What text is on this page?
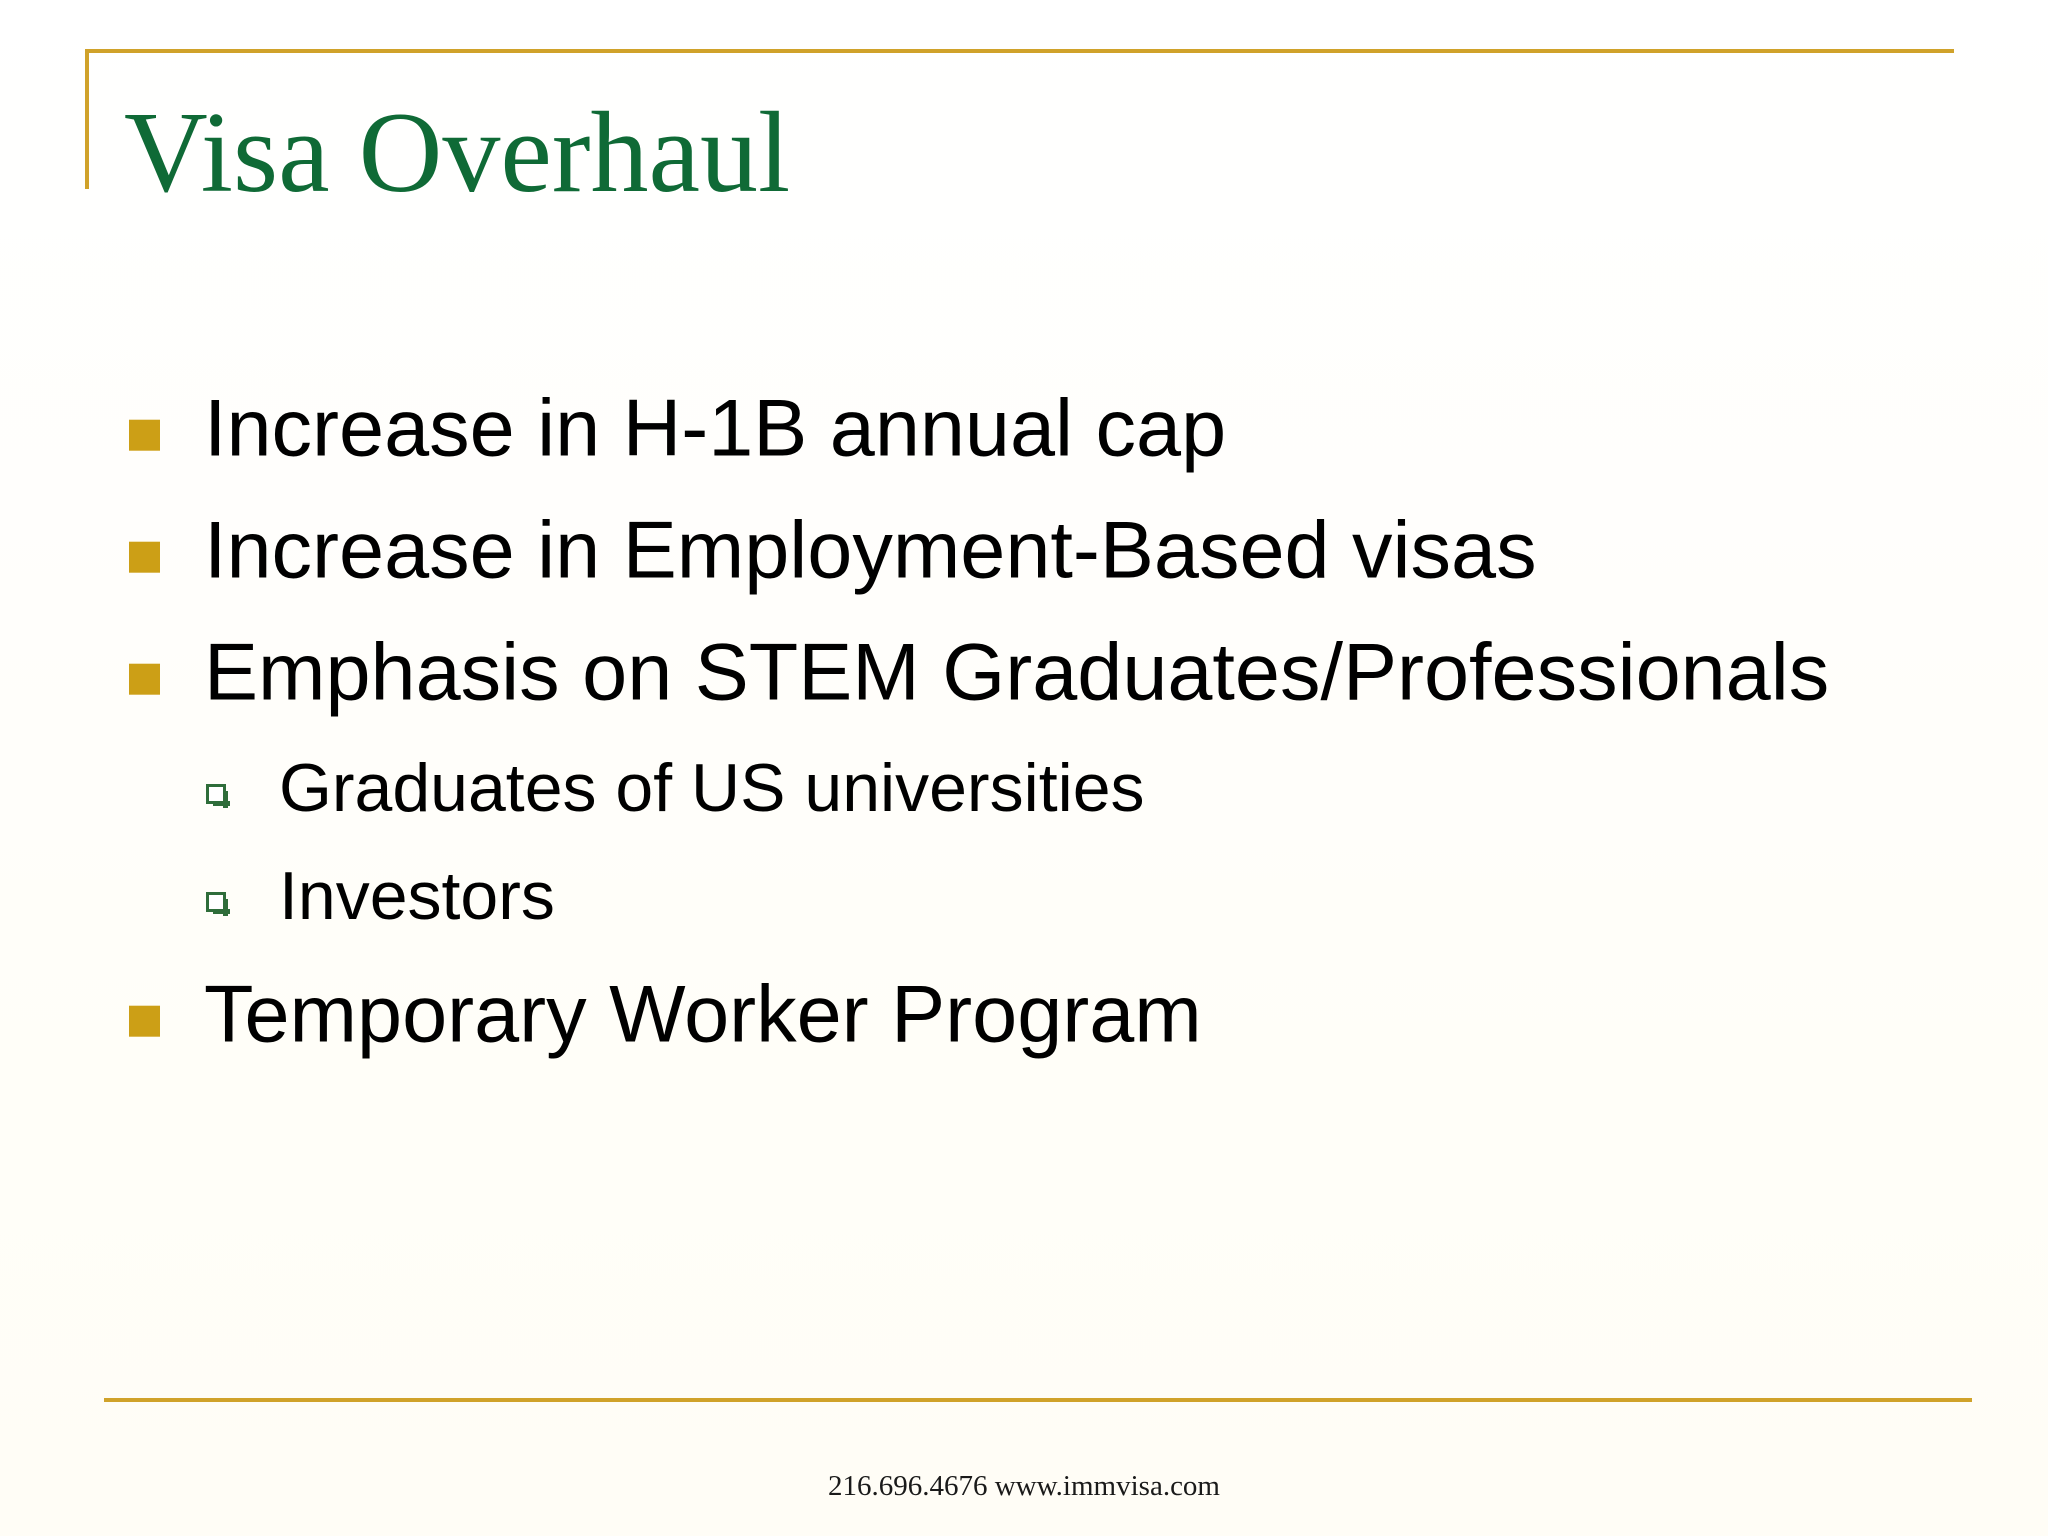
Visa Overhaul
Increase in H-1B annual cap
Increase in Employment-Based visas
Emphasis on STEM Graduates/Professionals
Graduates of US universities
Investors
Temporary Worker Program
216.696.4676 www.immvisa.com
